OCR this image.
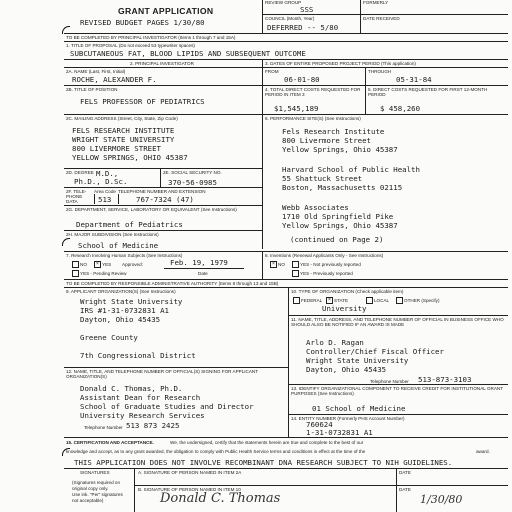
GRANT APPLICATION
REVISED BUDGET PAGES 1/30/80
REVIEW GROUP
SSS
FORMERLY
COUNCIL (Month, Year)
DEFERRED -- 5/80
DATE RECEIVED
TO BE COMPLETED BY PRINCIPAL INVESTIGATOR (Items 1 through 7 and 15A)
1. TITLE OF PROPOSAL (Do not exceed 53 typewriter spaces)
SUBCUTANEOUS FAT, BLOOD LIPIDS AND SUBSEQUENT OUTCOME
2. PRINCIPAL INVESTIGATOR
2A. NAME (Last, First, Initial)
ROCHE, ALEXANDER F.
2B. TITLE OF POSITION
FELS PROFESSOR OF PEDIATRICS
2C. MAILING ADDRESS (Street, City, State, Zip Code)
FELS RESEARCH INSTITUTE
WRIGHT STATE UNIVERSITY
800 LIVERMORE STREET
YELLOW SPRINGS, OHIO 45387
2D. DEGREE M.D.,
Ph.D., D.Sc.
2E. SOCIAL SECURITY NO.
370-56-0985
2F. TELE-PHONE DATA
Area Code TELEPHONE NUMBER AND EXTENSION
513	767-7324 (47)
2G. DEPARTMENT, SERVICE, LABORATORY OR EQUIVALENT (See Instructions)
Department of Pediatrics
2H. MAJOR SUBDIVISION (See Instructions)
School of Medicine
3. DATES OF ENTIRE PROPOSED PROJECT PERIOD (This application)
FROM
06-01-80
THROUGH
05-31-84
4. TOTAL DIRECT COSTS REQUESTED FOR PERIOD IN ITEM 3
$1,545,189
5. DIRECT COSTS REQUESTED FOR FIRST 12-MONTH PERIOD
$ 458,260
6. PERFORMANCE SITE(S) (See Instructions)
Fels Research Institute
800 Livermore Street
Yellow Springs, Ohio 45387
Harvard School of Public Health
55 Shattuck Street
Boston, Massachusetts 02115
Webb Associates
1710 Old Springfield Pike
Yellow Springs, Ohio 45387
(continued on Page 2)
7. Research Involving Human Subjects (See Instructions)
NO	× YES Approved:	Feb. 19, 1979
YES - Pending Review	Date
8. Inventions (Renewal Applicants Only - See Instructions)
× NO	YES - Not previously reported
YES - Previously reported
TO BE COMPLETED BY RESPONSIBLE ADMINISTRATIVE AUTHORITY (Items 8 through 13 and 15B)
9. APPLICANT ORGANIZATION(S) (See Instructions)
Wright State University
IRS #1-31-0732831 A1
Dayton, Ohio 45435
Greene County
7th Congressional District
10. TYPE OF ORGANIZATION (Check applicable item)
FEDERAL	× STATE	LOCAL	OTHER (Specify)
University
11. NAME, TITLE, ADDRESS, AND TELEPHONE NUMBER OF OFFICIAL IN BUSINESS OFFICE WHO SHOULD ALSO BE NOTIFIED IF AN AWARD IS MADE
Arlo D. Ragan
Controller/Chief Fiscal Officer
Wright State University
Dayton, Ohio 45435
Telephone Number 513-873-3103
12. NAME, TITLE, AND TELEPHONE NUMBER OF OFFICIAL(S) SIGNING FOR APPLICANT ORGANIZATION(S)
Donald C. Thomas, Ph.D.
Assistant Dean for Research
School of Graduate Studies and Director
University Research Services
Telephone Number 513 873 2425
13. IDENTIFY ORGANIZATIONAL COMPONENT TO RECEIVE CREDIT FOR INSTITUTIONAL GRANT PURPOSES (See Instructions)
01 School of Medicine
14. ENTITY NUMBER (Formerly PHS Account Number)
760624
1-31-0732831 A1
15. CERTIFICATION AND ACCEPTANCE.	We, the undersigned, certify that the statements herein are true and complete to the best of our
knowledge and accept, as to any grant awarded, the obligation to comply with Public Health Service terms and conditions in effect at the time of the	award.
THIS APPLICATION DOES NOT INVOLVE RECOMBINANT DNA RESEARCH SUBJECT TO NIH GUIDELINES.
SIGNATURES
(Signatures required on
original copy only.
Use ink. "Per" signatures
not acceptable)
A. SIGNATURE OF PERSON NAMED IN ITEM 2A	DATE
B. SIGNATURE OF PERSON NAMED IN ITEM 10
Donald C. Thomas
DATE
1/30/80
